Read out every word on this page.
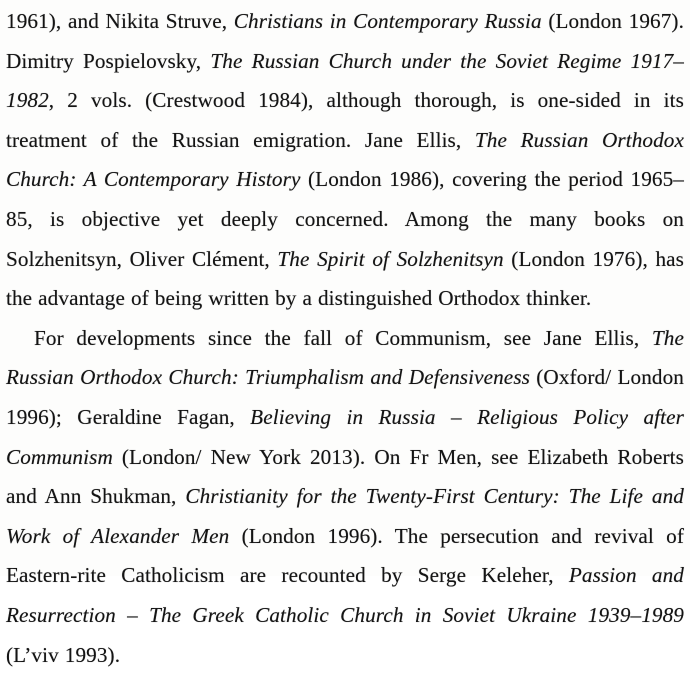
1961), and Nikita Struve, Christians in Contemporary Russia (London 1967). Dimitry Pospielovsky, The Russian Church under the Soviet Regime 1917–1982, 2 vols. (Crestwood 1984), although thorough, is one-sided in its treatment of the Russian emigration. Jane Ellis, The Russian Orthodox Church: A Contemporary History (London 1986), covering the period 1965–85, is objective yet deeply concerned. Among the many books on Solzhenitsyn, Oliver Clément, The Spirit of Solzhenitsyn (London 1976), has the advantage of being written by a distinguished Orthodox thinker.

For developments since the fall of Communism, see Jane Ellis, The Russian Orthodox Church: Triumphalism and Defensiveness (Oxford/ London 1996); Geraldine Fagan, Believing in Russia – Religious Policy after Communism (London/ New York 2013). On Fr Men, see Elizabeth Roberts and Ann Shukman, Christianity for the Twenty-First Century: The Life and Work of Alexander Men (London 1996). The persecution and revival of Eastern-rite Catholicism are recounted by Serge Keleher, Passion and Resurrection – The Greek Catholic Church in Soviet Ukraine 1939–1989 (L’viv 1993).
